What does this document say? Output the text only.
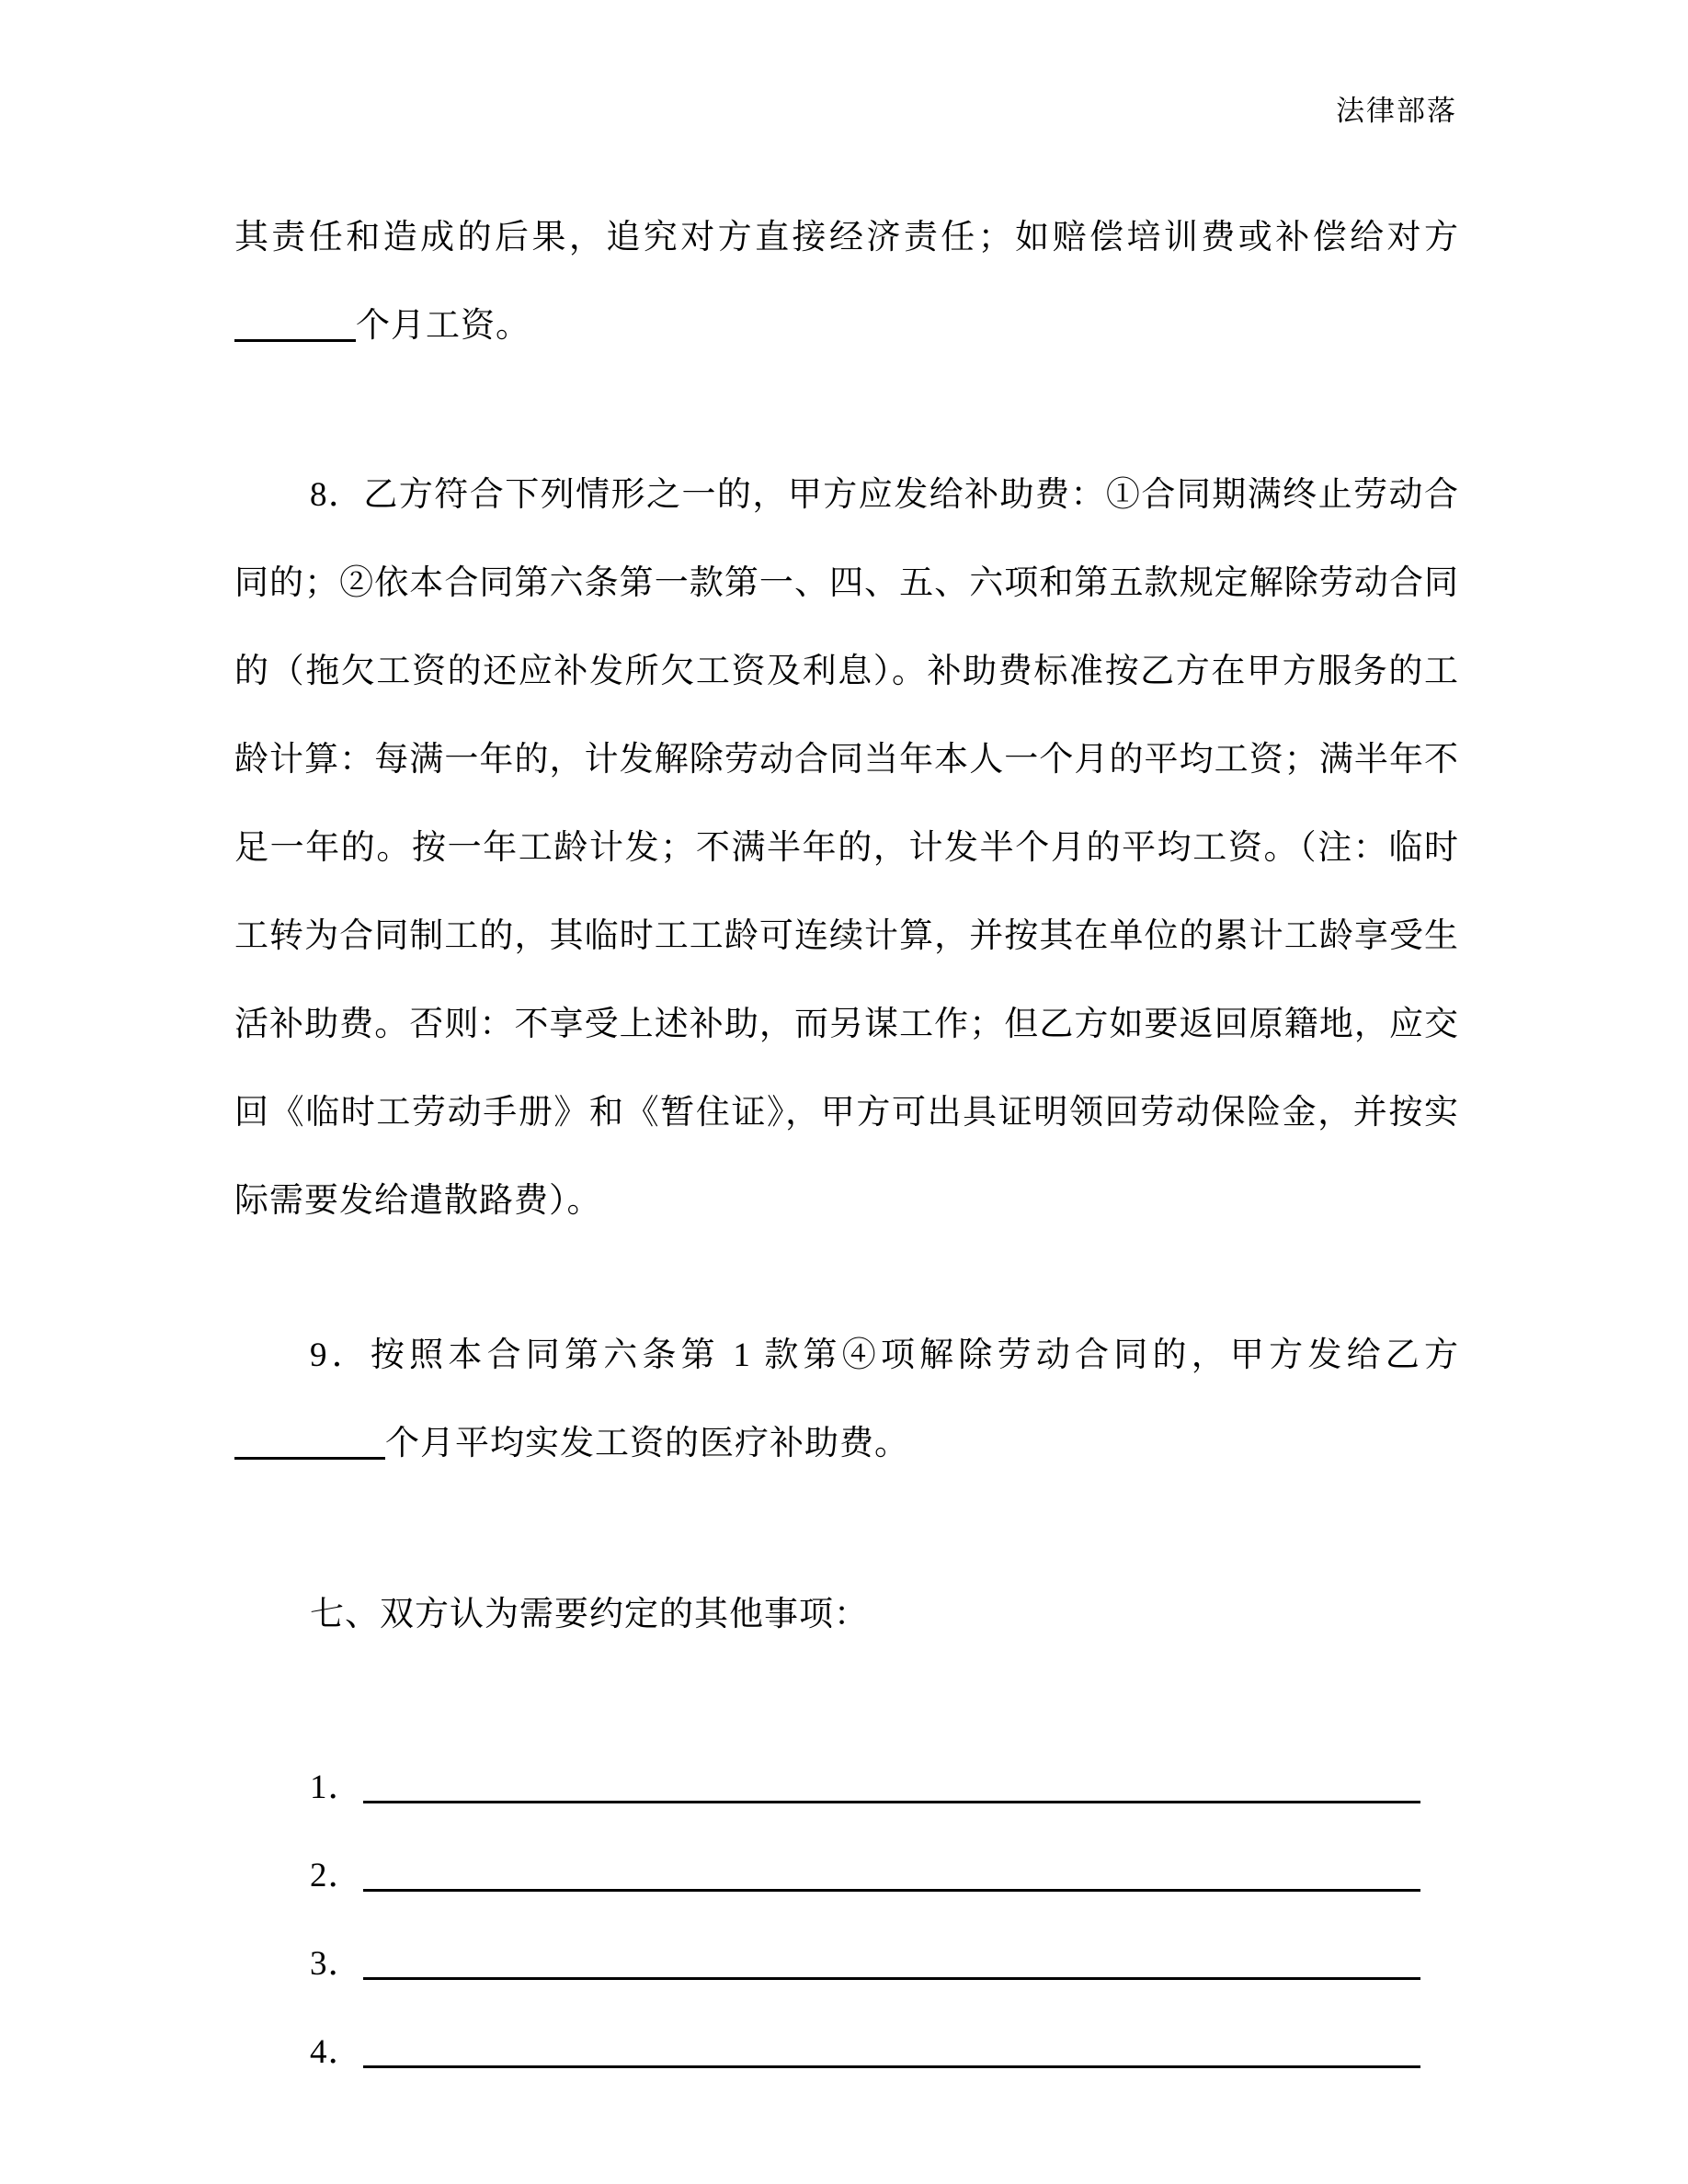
法律部落

其责任和造成的后果，追究对方直接经济责任；如赔偿培训费或补偿给对方个月工资。

8．乙方符合下列情形之一的，甲方应发给补助费：①合同期满终止劳动合同的；②依本合同第六条第一款第一、四、五、六项和第五款规定解除劳动合同的（拖欠工资的还应补发所欠工资及利息）。补助费标准按乙方在甲方服务的工龄计算：每满一年的，计发解除劳动合同当年本人一个月的平均工资；满半年不足一年的。按一年工龄计发；不满半年的，计发半个月的平均工资。（注：临时工转为合同制工的，其临时工工龄可连续计算，并按其在单位的累计工龄享受生活补助费。否则：不享受上述补助，而另谋工作；但乙方如要返回原籍地，应交回《临时工劳动手册》和《暂住证》，甲方可出具证明领回劳动保险金，并按实际需要发给遣散路费）。

9．按照本合同第六条第 1 款第④项解除劳动合同的，甲方发给乙方个月平均实发工资的医疗补助费。

七、双方认为需要约定的其他事项：

1．
2．
3．
4．
